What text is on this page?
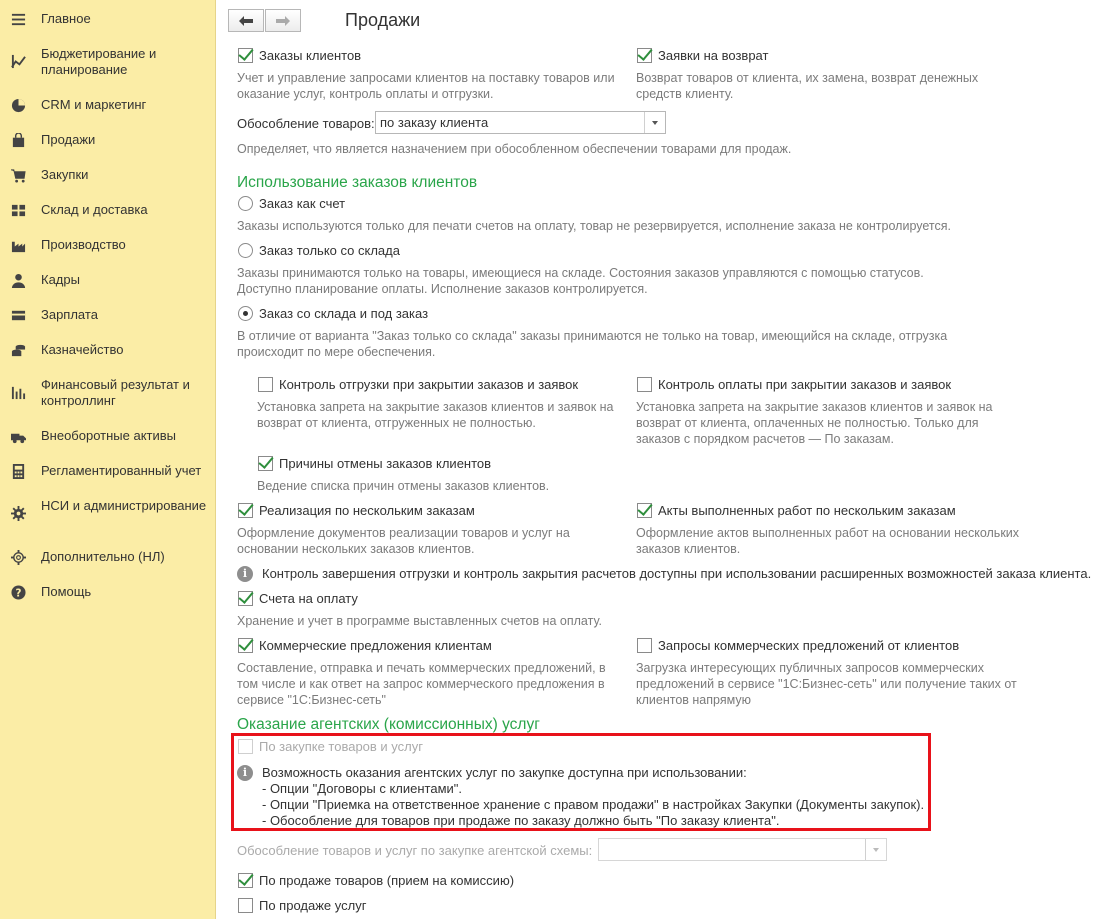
Главное
Бюджетирование и планирование
CRM и маркетинг
Продажи
Закупки
Склад и доставка
Производство
Кадры
Зарплата
Казначейство
Финансовый результат и контроллинг
Внеоборотные активы
Регламентированный учет
НСИ и администрирование
Дополнительно (НЛ)
? Помощь
Продажи
Заказы клиентов
Учет и управление запросами клиентов на поставку товаров или
оказание услуг, контроль оплаты и отгрузки.
Заявки на возврат
Возврат товаров от клиента, их замена, возврат денежных
средств клиенту.
Обособление товаров: по заказу клиента
Определяет, что является назначением при обособленном обеспечении товарами для продаж.
Использование заказов клиентов
Заказ как счет
Заказы используются только для печати счетов на оплату, товар не резервируется, исполнение заказа не контролируется.
Заказ только со склада
Заказы принимаются только на товары, имеющиеся на складе. Состояния заказов управляются с помощью статусов.
Доступно планирование оплаты. Исполнение заказов контролируется.
Заказ со склада и под заказ
В отличие от варианта "Заказ только со склада" заказы принимаются не только на товар, имеющийся на складе, отгрузка
происходит по мере обеспечения.
Контроль отгрузки при закрытии заказов и заявок
Установка запрета на закрытие заказов клиентов и заявок на
возврат от клиента, отгруженных не полностью.
Контроль оплаты при закрытии заказов и заявок
Установка запрета на закрытие заказов клиентов и заявок на
возврат от клиента, оплаченных не полностью. Только для
заказов с порядком расчетов — По заказам.
Причины отмены заказов клиентов
Ведение списка причин отмены заказов клиентов.
Реализация по нескольким заказам
Оформление документов реализации товаров и услуг на
основании нескольких заказов клиентов.
Акты выполненных работ по нескольким заказам
Оформление актов выполненных работ на основании нескольких
заказов клиентов.
i	Контроль завершения отгрузки и контроль закрытия расчетов доступны при использовании расширенных возможностей заказа клиента.
Счета на оплату
Хранение и учет в программе выставленных счетов на оплату.
Коммерческие предложения клиентам
Составление, отправка и печать коммерческих предложений, в
том числе и как ответ на запрос коммерческого предложения в
сервисе "1С:Бизнес-сеть"
Запросы коммерческих предложений от клиентов
Загрузка интересующих публичных запросов коммерческих
предложений в сервисе "1С:Бизнес-сеть" или получение таких от
клиентов напрямую
Оказание агентских (комиссионных) услуг
По закупке товаров и услуг
i	Возможность оказания агентских услуг по закупке доступна при использовании:
- Опции "Договоры с клиентами".
- Опции "Приемка на ответственное хранение с правом продажи" в настройках Закупки (Документы закупок).
- Обособление для товаров при продаже по заказу должно быть "По заказу клиента".
Обособление товаров и услуг по закупке агентской схемы:
По продаже товаров (прием на комиссию)
По продаже услуг
